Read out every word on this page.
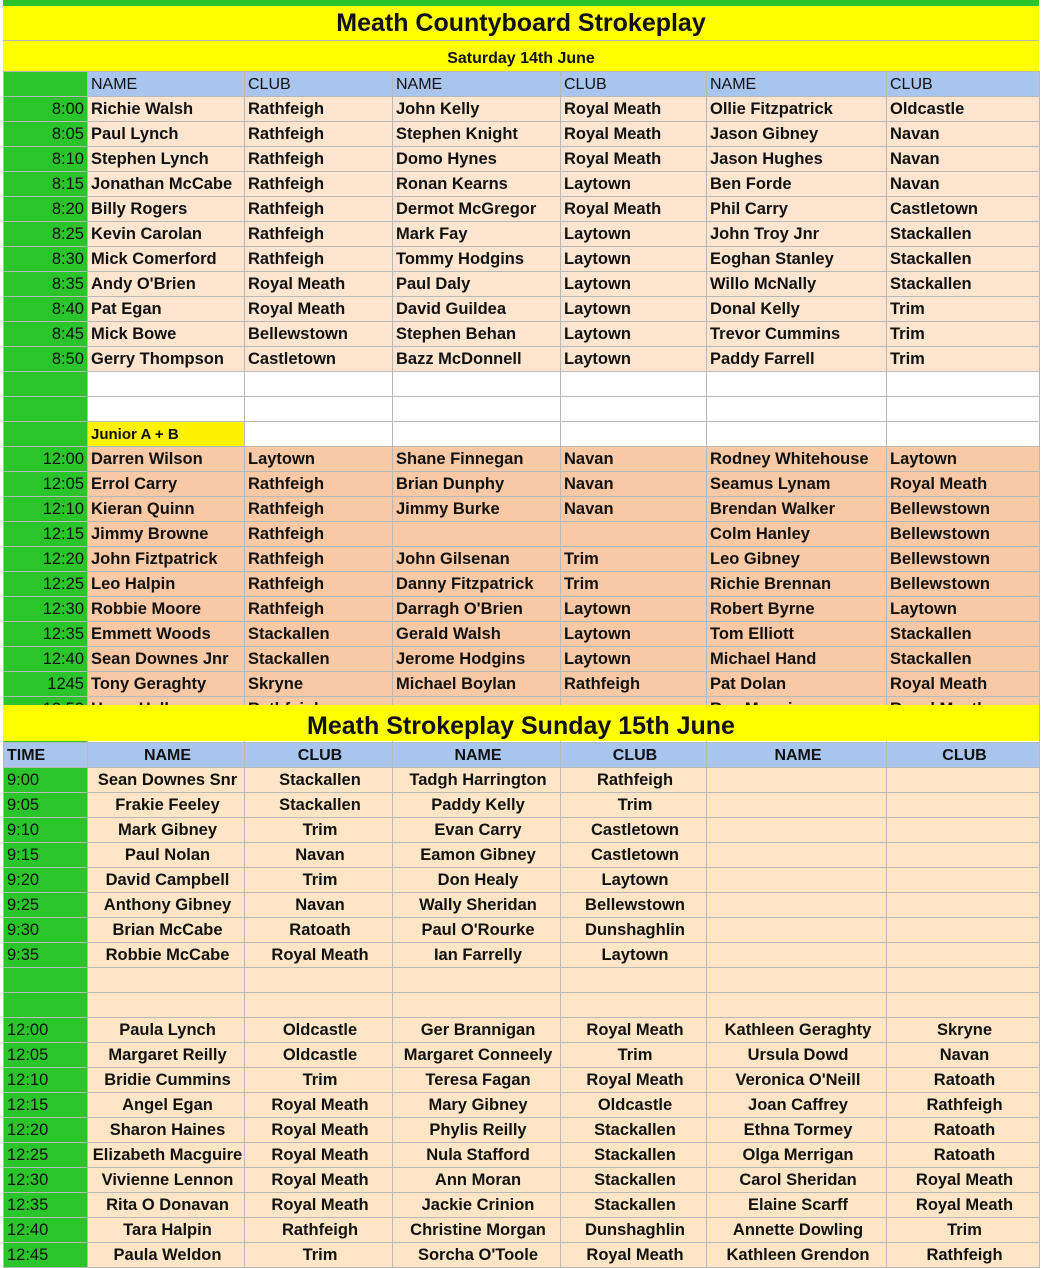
Meath Countyboard Strokeplay
Saturday 14th June
	NAME	CLUB	NAME	CLUB	NAME	CLUB
8:00	Richie Walsh	Rathfeigh	John Kelly	Royal Meath	Ollie Fitzpatrick	Oldcastle
8:05	Paul Lynch	Rathfeigh	Stephen Knight	Royal Meath	Jason Gibney	Navan
8:10	Stephen Lynch	Rathfeigh	Domo Hynes	Royal Meath	Jason Hughes	Navan
8:15	Jonathan McCabe	Rathfeigh	Ronan Kearns	Laytown	Ben Forde	Navan
8:20	Billy Rogers	Rathfeigh	Dermot McGregor	Royal Meath	Phil Carry	Castletown
8:25	Kevin Carolan	Rathfeigh	Mark Fay	Laytown	John Troy Jnr	Stackallen
8:30	Mick Comerford	Rathfeigh	Tommy Hodgins	Laytown	Eoghan Stanley	Stackallen
8:35	Andy O'Brien	Royal Meath	Paul Daly	Laytown	Willo McNally	Stackallen
8:40	Pat Egan	Royal Meath	David Guildea	Laytown	Donal Kelly	Trim
8:45	Mick Bowe	Bellewstown	Stephen Behan	Laytown	Trevor Cummins	Trim
8:50	Gerry Thompson	Castletown	Bazz McDonnell	Laytown	Paddy Farrell	Trim

	Junior A + B					
12:00	Darren Wilson	Laytown	Shane Finnegan	Navan	Rodney Whitehouse	Laytown
12:05	Errol Carry	Rathfeigh	Brian Dunphy	Navan	Seamus Lynam	Royal Meath
12:10	Kieran Quinn	Rathfeigh	Jimmy Burke	Navan	Brendan Walker	Bellewstown
12:15	Jimmy Browne	Rathfeigh			Colm Hanley	Bellewstown
12:20	John Fiztpatrick	Rathfeigh	John Gilsenan	Trim	Leo Gibney	Bellewstown
12:25	Leo Halpin	Rathfeigh	Danny Fitzpatrick	Trim	Richie Brennan	Bellewstown
12:30	Robbie Moore	Rathfeigh	Darragh O'Brien	Laytown	Robert Byrne	Laytown
12:35	Emmett Woods	Stackallen	Gerald Walsh	Laytown	Tom Elliott	Stackallen
12:40	Sean Downes Jnr	Stackallen	Jerome Hodgins	Laytown	Michael Hand	Stackallen
1245	Tony Geraghty	Skryne	Michael Boylan	Rathfeigh	Pat Dolan	Royal Meath

Meath Strokeplay Sunday 15th June
TIME	NAME	CLUB	NAME	CLUB	NAME	CLUB
9:00	Sean Downes Snr	Stackallen	Tadgh Harrington	Rathfeigh		
9:05	Frakie Feeley	Stackallen	Paddy Kelly	Trim		
9:10	Mark Gibney	Trim	Evan Carry	Castletown		
9:15	Paul Nolan	Navan	Eamon Gibney	Castletown		
9:20	David Campbell	Trim	Don Healy	Laytown		
9:25	Anthony Gibney	Navan	Wally Sheridan	Bellewstown		
9:30	Brian McCabe	Ratoath	Paul O'Rourke	Dunshaghlin		
9:35	Robbie McCabe	Royal Meath	Ian Farrelly	Laytown		

12:00	Paula Lynch	Oldcastle	Ger Brannigan	Royal Meath	Kathleen Geraghty	Skryne
12:05	Margaret Reilly	Oldcastle	Margaret Conneely	Trim	Ursula Dowd	Navan
12:10	Bridie Cummins	Trim	Teresa Fagan	Royal Meath	Veronica O'Neill	Ratoath
12:15	Angel Egan	Royal Meath	Mary Gibney	Oldcastle	Joan Caffrey	Rathfeigh
12:20	Sharon Haines	Royal Meath	Phylis Reilly	Stackallen	Ethna Tormey	Ratoath
12:25	Elizabeth Macguire	Royal Meath	Nula Stafford	Stackallen	Olga Merrigan	Ratoath
12:30	Vivienne Lennon	Royal Meath	Ann Moran	Stackallen	Carol Sheridan	Royal Meath
12:35	Rita O Donavan	Royal Meath	Jackie Crinion	Stackallen	Elaine Scarff	Royal Meath
12:40	Tara Halpin	Rathfeigh	Christine Morgan	Dunshaghlin	Annette Dowling	Trim
12:45	Paula Weldon	Trim	Sorcha O'Toole	Royal Meath	Kathleen Grendon	Rathfeigh
